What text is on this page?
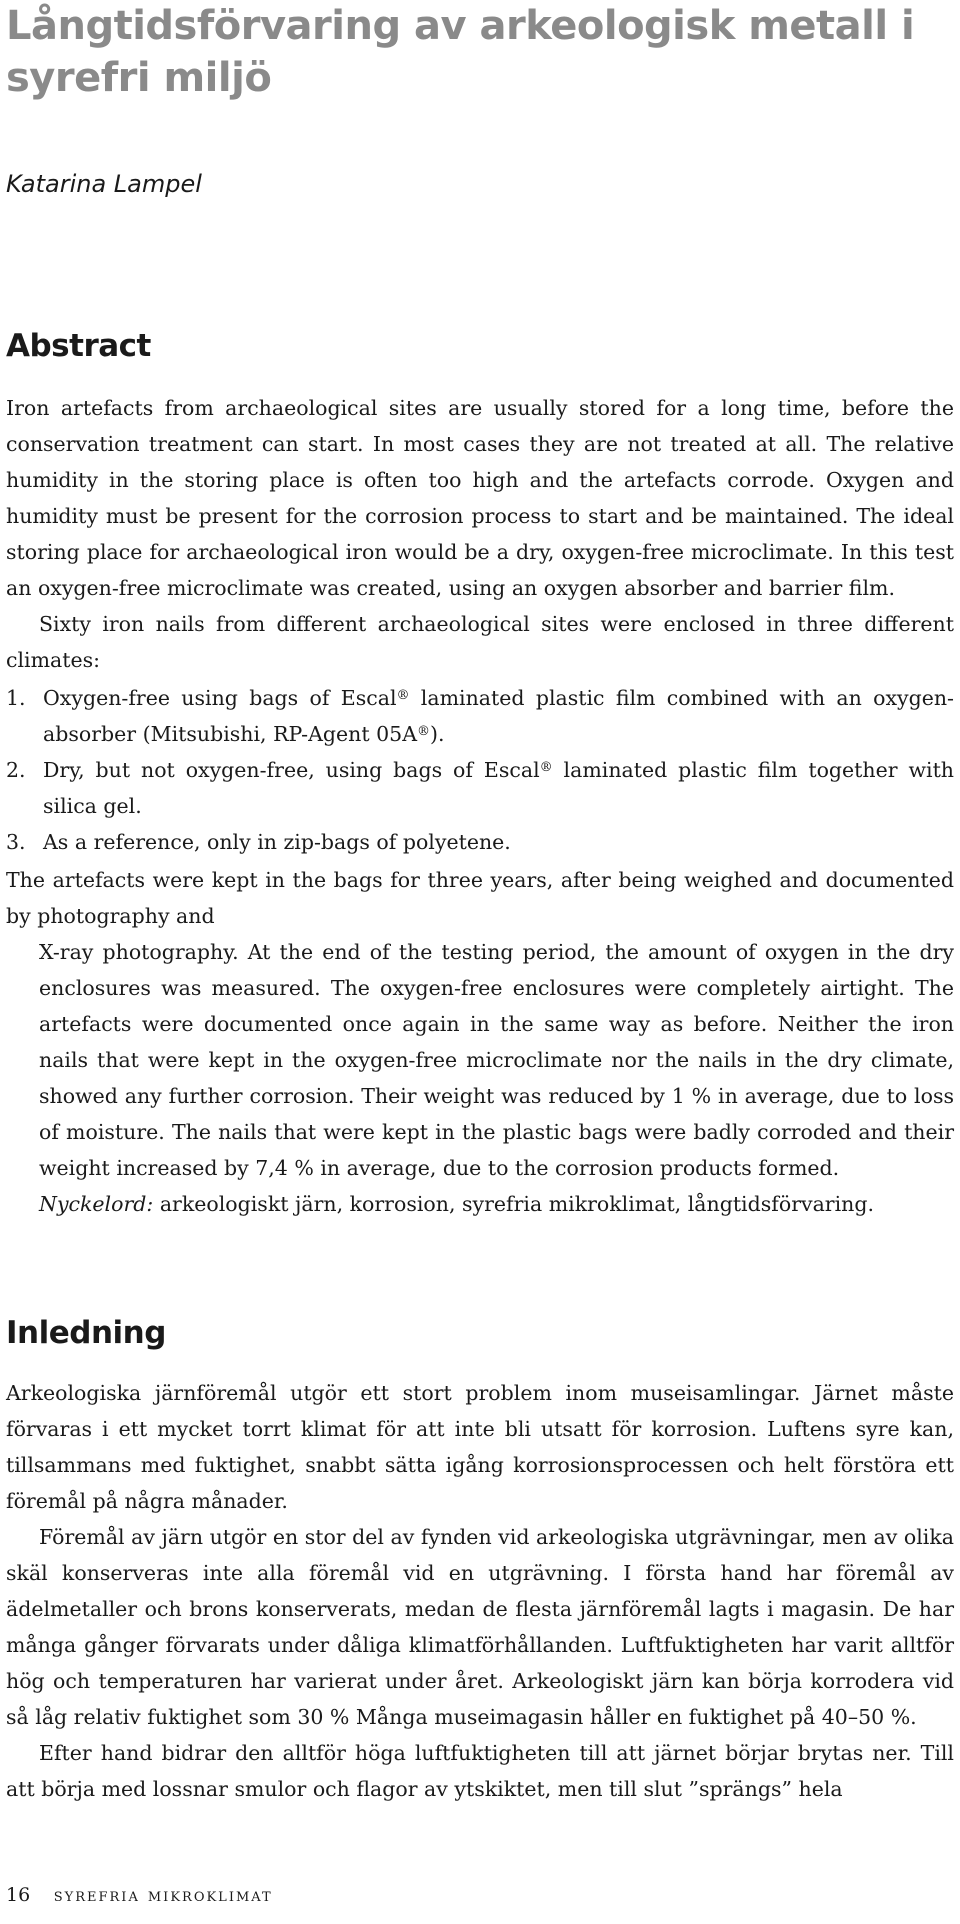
Långtidsförvaring av arkeologisk metall i syrefri miljö
Katarina Lampel
Abstract

Iron artefacts from archaeological sites are usually stored for a long time, before the conservation treatment can start. In most cases they are not treated at all. The relative humidity in the storing place is often too high and the artefacts corrode. Oxygen and humidity must be present for the corrosion process to start and be maintained. The ideal storing place for archaeological iron would be a dry, oxygen-free microclimate. In this test an oxygen-free microclimate was created, using an oxygen absorber and barrier film.

Sixty iron nails from different archaeological sites were enclosed in three different climates:

1. Oxygen-free using bags of Escal® laminated plastic film combined with an oxygen-absorber (Mitsubishi, RP-Agent 05A®).
2. Dry, but not oxygen-free, using bags of Escal® laminated plastic film together with silica gel.
3. As a reference, only in zip-bags of polyetene.

The artefacts were kept in the bags for three years, after being weighed and documented by photography and

X-ray photography. At the end of the testing period, the amount of oxygen in the dry enclosures was measured. The oxygen-free enclosures were completely airtight. The artefacts were documented once again in the same way as before. Neither the iron nails that were kept in the oxygen-free microclimate nor the nails in the dry climate, showed any further corrosion. Their weight was reduced by 1 % in average, due to loss of moisture. The nails that were kept in the plastic bags were badly corroded and their weight increased by 7,4 % in average, due to the corrosion products formed.

Nyckelord: arkeologiskt järn, korrosion, syrefria mikroklimat, långtidsförvaring.

Inledning

Arkeologiska järnföremål utgör ett stort problem inom museisamlingar. Järnet måste förvaras i ett mycket torrt klimat för att inte bli utsatt för korrosion. Luftens syre kan, tillsammans med fuktighet, snabbt sätta igång korrosionsprocessen och helt förstöra ett föremål på några månader.

Föremål av järn utgör en stor del av fynden vid arkeologiska utgrävningar, men av olika skäl konserveras inte alla föremål vid en utgrävning. I första hand har föremål av ädelmetaller och brons konserverats, medan de flesta järnföremål lagts i magasin. De har många gånger förvarats under dåliga klimatförhållanden. Luftfuktigheten har varit alltför hög och temperaturen har varierat under året. Arkeologiskt järn kan börja korrodera vid så låg relativ fuktighet som 30 % Många museimagasin håller en fuktighet på 40–50 %.

Efter hand bidrar den alltför höga luftfuktigheten till att järnet börjar brytas ner. Till att börja med lossnar smulor och flagor av ytskiktet, men till slut ”sprängs” hela

16 syrefria mikroklimat
